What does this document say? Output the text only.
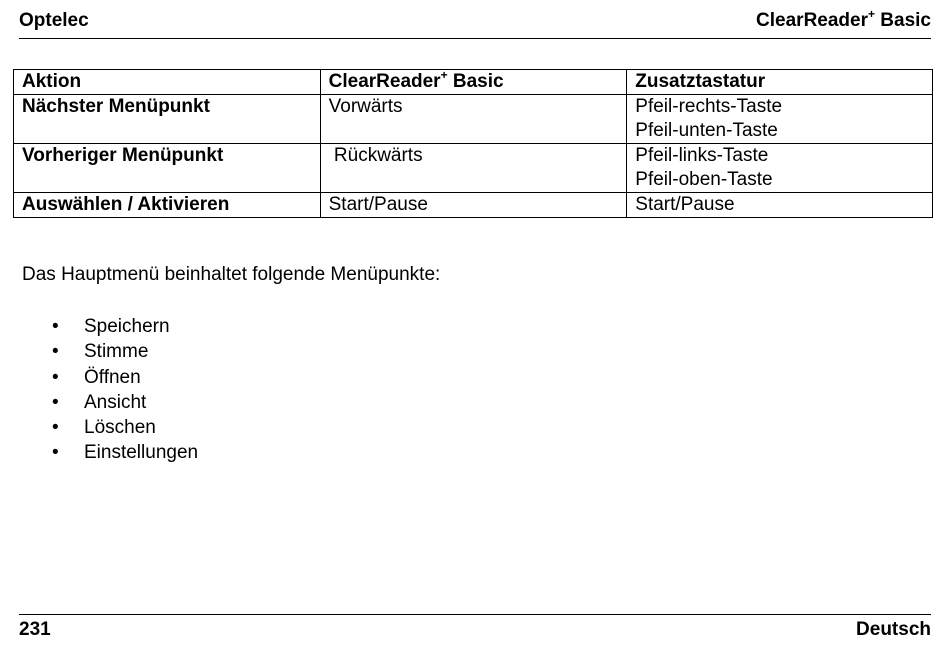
Optelec	ClearReader+ Basic
Aktion	ClearReader+ Basic	Zusatztastatur
Nächster Menüpunkt	Vorwärts	Pfeil-rechts-Taste
Pfeil-unten-Taste

Vorheriger Menüpunkt	Rückwärts	Pfeil-links-Taste
Pfeil-oben-Taste

Auswählen / Aktivieren	Start/Pause	Start/Pause

Das Hauptmenü beinhaltet folgende Menüpunkte:

•	Speichern
•	Stimme
•	Öffnen
•	Ansicht
•	Löschen
•	Einstellungen
231	Deutsch
